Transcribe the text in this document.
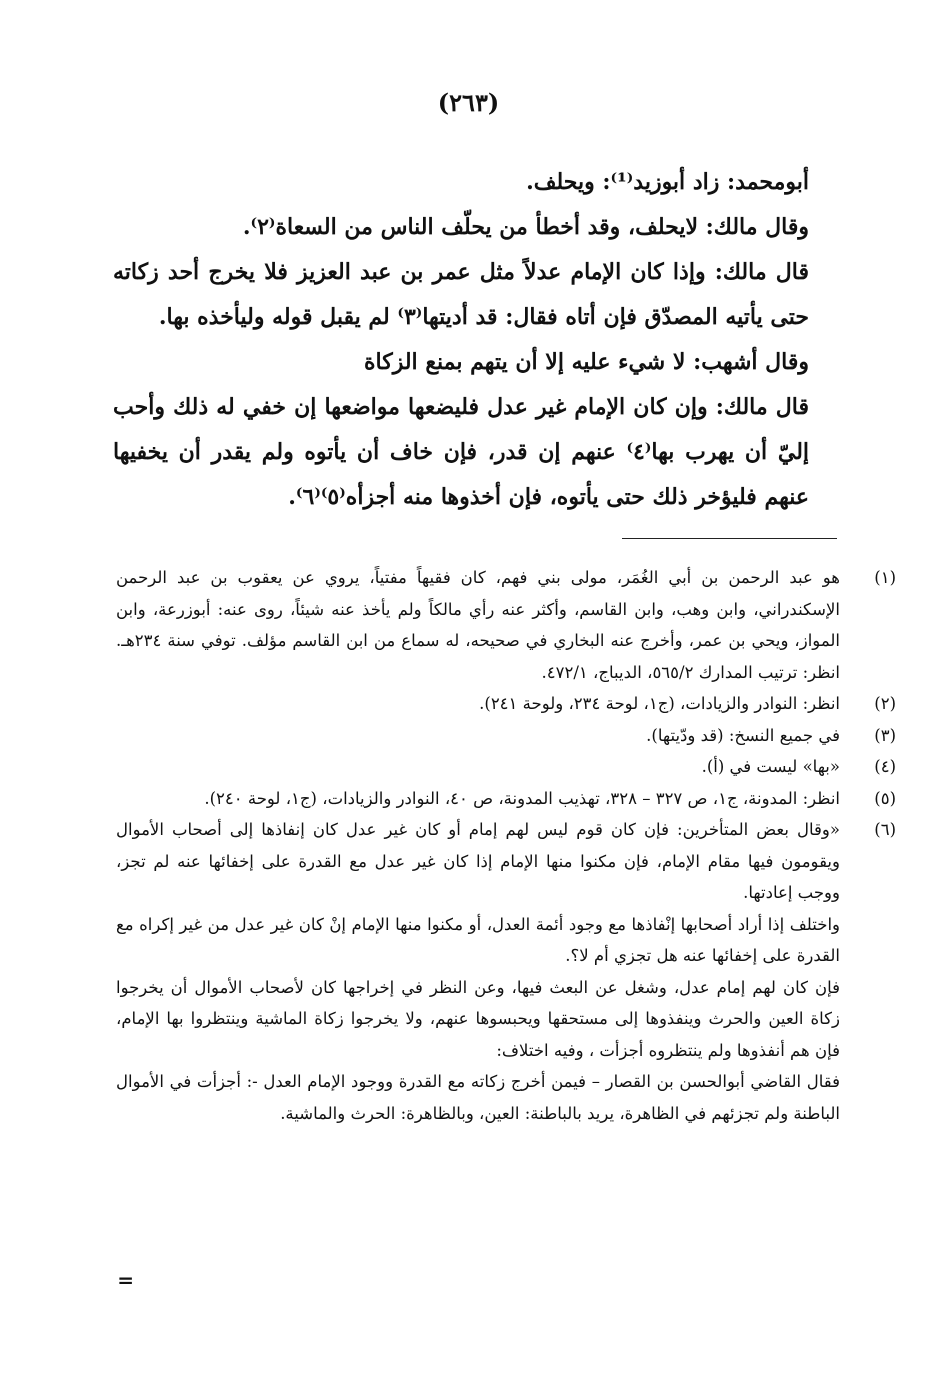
(٢٦٣)

أبومحمد: زاد أبوزيد⁽¹⁾: ويحلف.

وقال مالك: لايحلف، وقد أخطأ من يحلّف الناس من السعاة⁽٢⁾.

قال مالك: وإذا كان الإمام عدلاً مثل عمر بن عبد العزيز فلا يخرج أحد زكاته حتى يأتيه المصدّق فإن أتاه فقال: قد أديتها⁽٣⁾ لم يقبل قوله وليأخذه بها.

وقال أشهب: لا شيء عليه إلا أن يتهم بمنع الزكاة

قال مالك: وإن كان الإمام غير عدل فليضعها مواضعها إن خفي له ذلك وأحب إليّ أن يهرب بها⁽٤⁾ عنهم إن قدر، فإن خاف أن يأتوه ولم يقدر أن يخفيها عنهم فليؤخر ذلك حتى يأتوه، فإن أخذوها منه أجزأه⁽٥⁾⁽٦⁾.

(١)
هو عبد الرحمن بن أبي الغُمَر، مولى بني فهم، كان فقيهاً مفتياً، يروي عن يعقوب بن عبد الرحمن الإسكندراني، وابن وهب، وابن القاسم، وأكثر عنه رأي مالكاً ولم يأخذ عنه شيئاً، روى عنه: أبوزرعة، وابن المواز، ويحي بن عمر، وأخرج عنه البخاري في صحيحه، له سماع من ابن القاسم مؤلف. توفي سنة ٢٣٤هـ. انظر: ترتيب المدارك ٥٦٥/٢، الديباج، ٤٧٢/١.
(٢)
انظر: النوادر والزيادات، (ج١، لوحة ٢٣٤، ولوحة ٢٤١).
(٣)
في جميع النسخ: (قد ودّيتها).
(٤)
«بها» ليست في (أ).
(٥)
انظر: المدونة، ج١، ص ٣٢٧ – ٣٢٨، تهذيب المدونة، ص ٤٠، النوادر والزيادات، (ج١، لوحة ٢٤٠).
(٦)
«وقال بعض المتأخرين: فإن كان قوم ليس لهم إمام أو كان غير عدل كان إنفاذها إلى أصحاب الأموال ويقومون فيها مقام الإمام، فإن مكنوا منها الإمام إذا كان غير عدل مع القدرة على إخفائها عنه لم تجز، ووجب إعادتها.
واختلف إذا أراد أصحابها إنْفاذها مع وجود أئمة العدل، أو مكنوا منها الإمام إنْ كان غير عدل من غير إكراه مع القدرة على إخفائها عنه هل تجزي أم لا؟.
فإن كان لهم إمام عدل، وشغل عن البعث فيها، وعن النظر في إخراجها كان لأصحاب الأموال أن يخرجوا زكاة العين والحرث وينفذوها إلى مستحقها ويحبسوها عنهم، ولا يخرجوا زكاة الماشية وينتظروا بها الإمام، فإن هم أنفذوها ولم ينتظروه أجزأت ، وفيه اختلاف:
فقال القاضي أبوالحسن بن القصار – فيمن أخرج زكاته مع القدرة ووجود الإمام العدل -: أجزأت في الأموال الباطنة ولم تجزئهم في الظاهرة، يريد بالباطنة: العين، وبالظاهرة: الحرث والماشية.
=
